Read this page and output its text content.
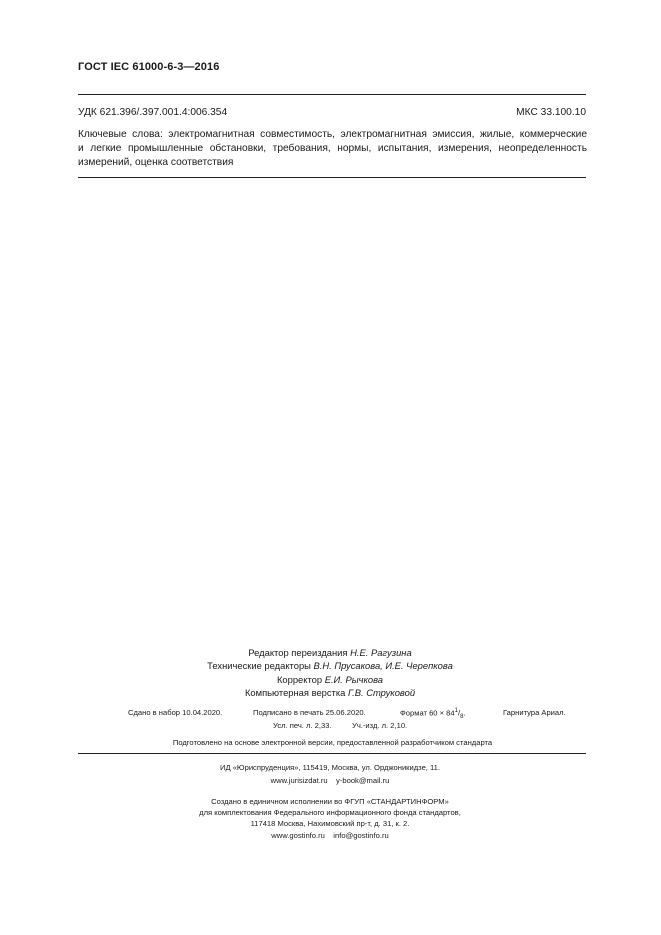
ГОСТ IEC 61000-6-3—2016
УДК 621.396/.397.001.4:006.354	МКС 33.100.10
Ключевые слова: электромагнитная совместимость, электромагнитная эмиссия, жилые, коммерческие
и легкие промышленные обстановки, требования, нормы, испытания, измерения, неопределенность
измерений, оценка соответствия
Редактор переиздания Н.Е. Рагузина
Технические редакторы В.Н. Прусакова, И.Е. Черепкова
Корректор Е.И. Рычкова
Компьютерная верстка Г.В. Струковой
Сдано в набор 10.04.2020.	Подписано в печать 25.06.2020.	Формат $60 \times 84^1/_8$.	Гарнитура Ариал.
Усл. печ. л. 2,33.	Уч.-изд. л. 2,10.
Подготовлено на основе электронной версии, предоставленной разработчиком стандарта
ИД «Юриспруденция», 115419, Москва, ул. Орджоникидзе, 11.
www.jurisizdat.ru    y-book@mail.ru
Создано в единичном исполнении во ФГУП «СТАНДАРТИНФОРМ»
для комплектования Федерального информационного фонда стандартов,
117418 Москва, Нахимовский пр-т, д. 31, к. 2.
www.gostinfo.ru    info@gostinfo.ru
